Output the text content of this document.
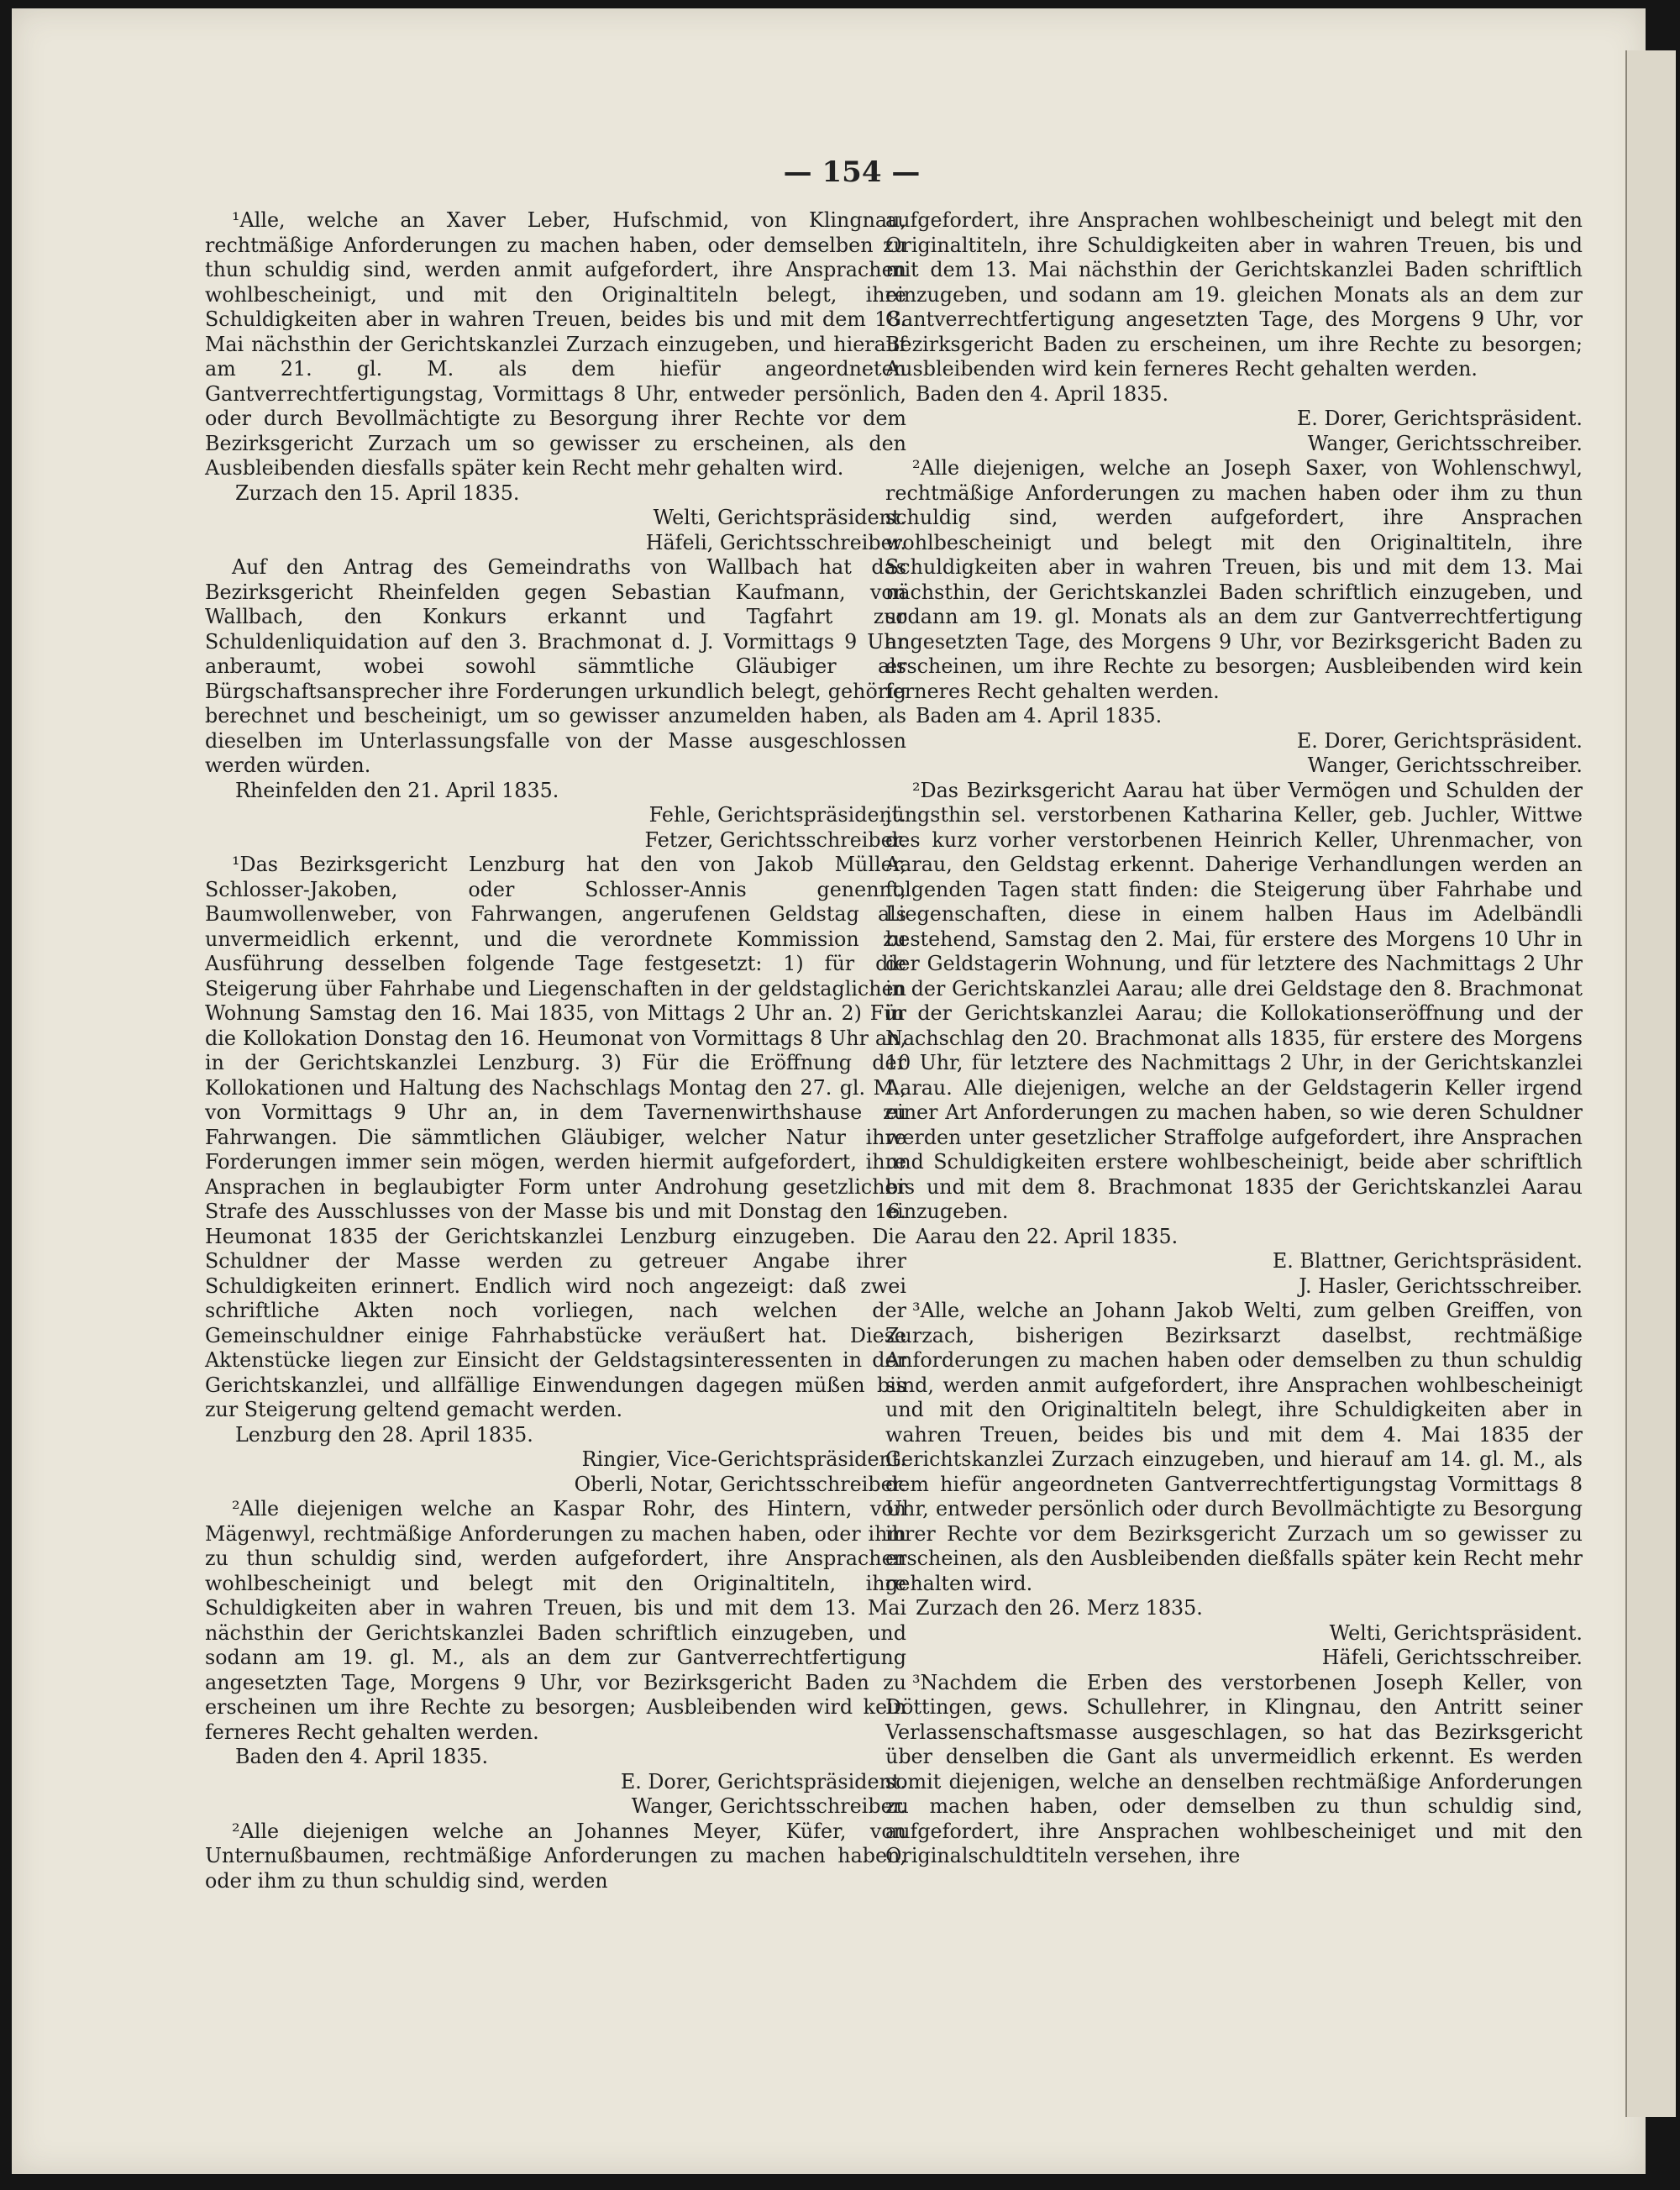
— 154 —

¹Alle, welche an Xaver Leber, Hufschmid, von Klingnau, rechtmäßige Anforderungen zu machen haben, oder demselben zu thun schuldig sind, werden anmit aufgefordert, ihre Ansprachen wohlbescheinigt, und mit den Originaltiteln belegt, ihre Schuldigkeiten aber in wahren Treuen, beides bis und mit dem 18. Mai nächsthin der Gerichtskanzlei Zurzach einzugeben, und hierauf am 21. gl. M. als dem hiefür angeordneten Gantverrechtfertigungstag, Vormittags 8 Uhr, entweder persönlich, oder durch Bevollmächtigte zu Besorgung ihrer Rechte vor dem Bezirksgericht Zurzach um so gewisser zu erscheinen, als den Ausbleibenden diesfalls später kein Recht mehr gehalten wird.

Zurzach den 15. April 1835.

Welti, Gerichtspräsident.

Häfeli, Gerichtsschreiber.

Auf den Antrag des Gemeindraths von Wallbach hat das Bezirksgericht Rheinfelden gegen Sebastian Kaufmann, von Wallbach, den Konkurs erkannt und Tagfahrt zur Schuldenliquidation auf den 3. Brachmonat d. J. Vormittags 9 Uhr anberaumt, wobei sowohl sämmtliche Gläubiger als Bürgschaftsansprecher ihre Forderungen urkundlich belegt, gehörig berechnet und bescheinigt, um so gewisser anzumelden haben, als dieselben im Unterlassungsfalle von der Masse ausgeschlossen werden würden.

Rheinfelden den 21. April 1835.

Fehle, Gerichtspräsident.

Fetzer, Gerichtsschreiber.

¹Das Bezirksgericht Lenzburg hat den von Jakob Müller, Schlosser-Jakoben, oder Schlosser-Annis genennt, Baumwollenweber, von Fahrwangen, angerufenen Geldstag als unvermeidlich erkennt, und die verordnete Kommission zu Ausführung desselben folgende Tage festgesetzt: 1) für die Steigerung über Fahrhabe und Liegenschaften in der geldstaglichen Wohnung Samstag den 16. Mai 1835, von Mittags 2 Uhr an. 2) Für die Kollokation Donstag den 16. Heumonat von Vormittags 8 Uhr an, in der Gerichtskanzlei Lenzburg. 3) Für die Eröffnung der Kollokationen und Haltung des Nachschlags Montag den 27. gl. M., von Vormittags 9 Uhr an, in dem Tavernenwirthshause zu Fahrwangen. Die sämmtlichen Gläubiger, welcher Natur ihre Forderungen immer sein mögen, werden hiermit aufgefordert, ihre Ansprachen in beglaubigter Form unter Androhung gesetzlicher Strafe des Ausschlusses von der Masse bis und mit Donstag den 16. Heumonat 1835 der Gerichtskanzlei Lenzburg einzugeben. Die Schuldner der Masse werden zu getreuer Angabe ihrer Schuldigkeiten erinnert. Endlich wird noch angezeigt: daß zwei schriftliche Akten noch vorliegen, nach welchen der Gemeinschuldner einige Fahrhabstücke veräußert hat. Diese Aktenstücke liegen zur Einsicht der Geldstagsinteressenten in der Gerichtskanzlei, und allfällige Einwendungen dagegen müßen bis zur Steigerung geltend gemacht werden.

Lenzburg den 28. April 1835.

Ringier, Vice-Gerichtspräsident.

Oberli, Notar, Gerichtsschreiber.

²Alle diejenigen welche an Kaspar Rohr, des Hintern, von Mägenwyl, rechtmäßige Anforderungen zu machen haben, oder ihm zu thun schuldig sind, werden aufgefordert, ihre Ansprachen wohlbescheinigt und belegt mit den Originaltiteln, ihre Schuldigkeiten aber in wahren Treuen, bis und mit dem 13. Mai nächsthin der Gerichtskanzlei Baden schriftlich einzugeben, und sodann am 19. gl. M., als an dem zur Gantverrechtfertigung angesetzten Tage, Morgens 9 Uhr, vor Bezirksgericht Baden zu erscheinen um ihre Rechte zu besorgen; Ausbleibenden wird kein ferneres Recht gehalten werden.

Baden den 4. April 1835.

E. Dorer, Gerichtspräsident.

Wanger, Gerichtsschreiber.

²Alle diejenigen welche an Johannes Meyer, Küfer, von Unternußbaumen, rechtmäßige Anforderungen zu machen haben, oder ihm zu thun schuldig sind, werden

aufgefordert, ihre Ansprachen wohlbescheinigt und belegt mit den Originaltiteln, ihre Schuldigkeiten aber in wahren Treuen, bis und mit dem 13. Mai nächsthin der Gerichtskanzlei Baden schriftlich einzugeben, und sodann am 19. gleichen Monats als an dem zur Gantverrechtfertigung angesetzten Tage, des Morgens 9 Uhr, vor Bezirksgericht Baden zu erscheinen, um ihre Rechte zu besorgen; Ausbleibenden wird kein ferneres Recht gehalten werden.

Baden den 4. April 1835.

E. Dorer, Gerichtspräsident.

Wanger, Gerichtsschreiber.

²Alle diejenigen, welche an Joseph Saxer, von Wohlenschwyl, rechtmäßige Anforderungen zu machen haben oder ihm zu thun schuldig sind, werden aufgefordert, ihre Ansprachen wohlbescheinigt und belegt mit den Originaltiteln, ihre Schuldigkeiten aber in wahren Treuen, bis und mit dem 13. Mai nächsthin, der Gerichtskanzlei Baden schriftlich einzugeben, und sodann am 19. gl. Monats als an dem zur Gantverrechtfertigung angesetzten Tage, des Morgens 9 Uhr, vor Bezirksgericht Baden zu erscheinen, um ihre Rechte zu besorgen; Ausbleibenden wird kein ferneres Recht gehalten werden.

Baden am 4. April 1835.

E. Dorer, Gerichtspräsident.

Wanger, Gerichtsschreiber.

²Das Bezirksgericht Aarau hat über Vermögen und Schulden der jüngsthin sel. verstorbenen Katharina Keller, geb. Juchler, Wittwe des kurz vorher verstorbenen Heinrich Keller, Uhrenmacher, von Aarau, den Geldstag erkennt. Daherige Verhandlungen werden an folgenden Tagen statt finden: die Steigerung über Fahrhabe und Liegenschaften, diese in einem halben Haus im Adelbändli bestehend, Samstag den 2. Mai, für erstere des Morgens 10 Uhr in der Geldstagerin Wohnung, und für letztere des Nachmittags 2 Uhr in der Gerichtskanzlei Aarau; alle drei Geldstage den 8. Brachmonat in der Gerichtskanzlei Aarau; die Kollokationseröffnung und der Nachschlag den 20. Brachmonat alls 1835, für erstere des Morgens 10 Uhr, für letztere des Nachmittags 2 Uhr, in der Gerichtskanzlei Aarau. Alle diejenigen, welche an der Geldstagerin Keller irgend einer Art Anforderungen zu machen haben, so wie deren Schuldner werden unter gesetzlicher Straffolge aufgefordert, ihre Ansprachen und Schuldigkeiten erstere wohlbescheinigt, beide aber schriftlich bis und mit dem 8. Brachmonat 1835 der Gerichtskanzlei Aarau einzugeben.

Aarau den 22. April 1835.

E. Blattner, Gerichtspräsident.

J. Hasler, Gerichtsschreiber.

³Alle, welche an Johann Jakob Welti, zum gelben Greiffen, von Zurzach, bisherigen Bezirksarzt daselbst, rechtmäßige Anforderungen zu machen haben oder demselben zu thun schuldig sind, werden anmit aufgefordert, ihre Ansprachen wohlbescheinigt und mit den Originaltiteln belegt, ihre Schuldigkeiten aber in wahren Treuen, beides bis und mit dem 4. Mai 1835 der Gerichtskanzlei Zurzach einzugeben, und hierauf am 14. gl. M., als dem hiefür angeordneten Gantverrechtfertigungstag Vormittags 8 Uhr, entweder persönlich oder durch Bevollmächtigte zu Besorgung ihrer Rechte vor dem Bezirksgericht Zurzach um so gewisser zu erscheinen, als den Ausbleibenden dießfalls später kein Recht mehr gehalten wird.

Zurzach den 26. Merz 1835.

Welti, Gerichtspräsident.

Häfeli, Gerichtsschreiber.

³Nachdem die Erben des verstorbenen Joseph Keller, von Döttingen, gews. Schullehrer, in Klingnau, den Antritt seiner Verlassenschaftsmasse ausgeschlagen, so hat das Bezirksgericht über denselben die Gant als unvermeidlich erkennt. Es werden somit diejenigen, welche an denselben rechtmäßige Anforderungen zu machen haben, oder demselben zu thun schuldig sind, aufgefordert, ihre Ansprachen wohlbescheiniget und mit den Originalschuldtiteln versehen, ihre
